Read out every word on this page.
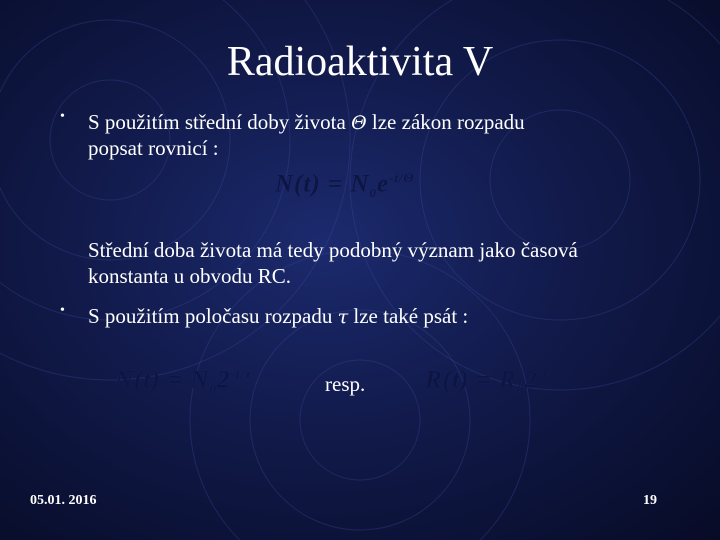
Radioaktivita V
• S použitím střední doby života Θ lze zákon rozpadu
popsat rovnicí :
$N(t) = N_0e^{-t/\Theta}$
Střední doba života má tedy podobný význam jako časová
konstanta u obvodu RC.
• S použitím poločasu rozpadu τ lze také psát :
$N(t) = N_02^{-t/\tau}$	resp. $R(t) = R_02^{-t/\tau}$
05.01. 2016	19
